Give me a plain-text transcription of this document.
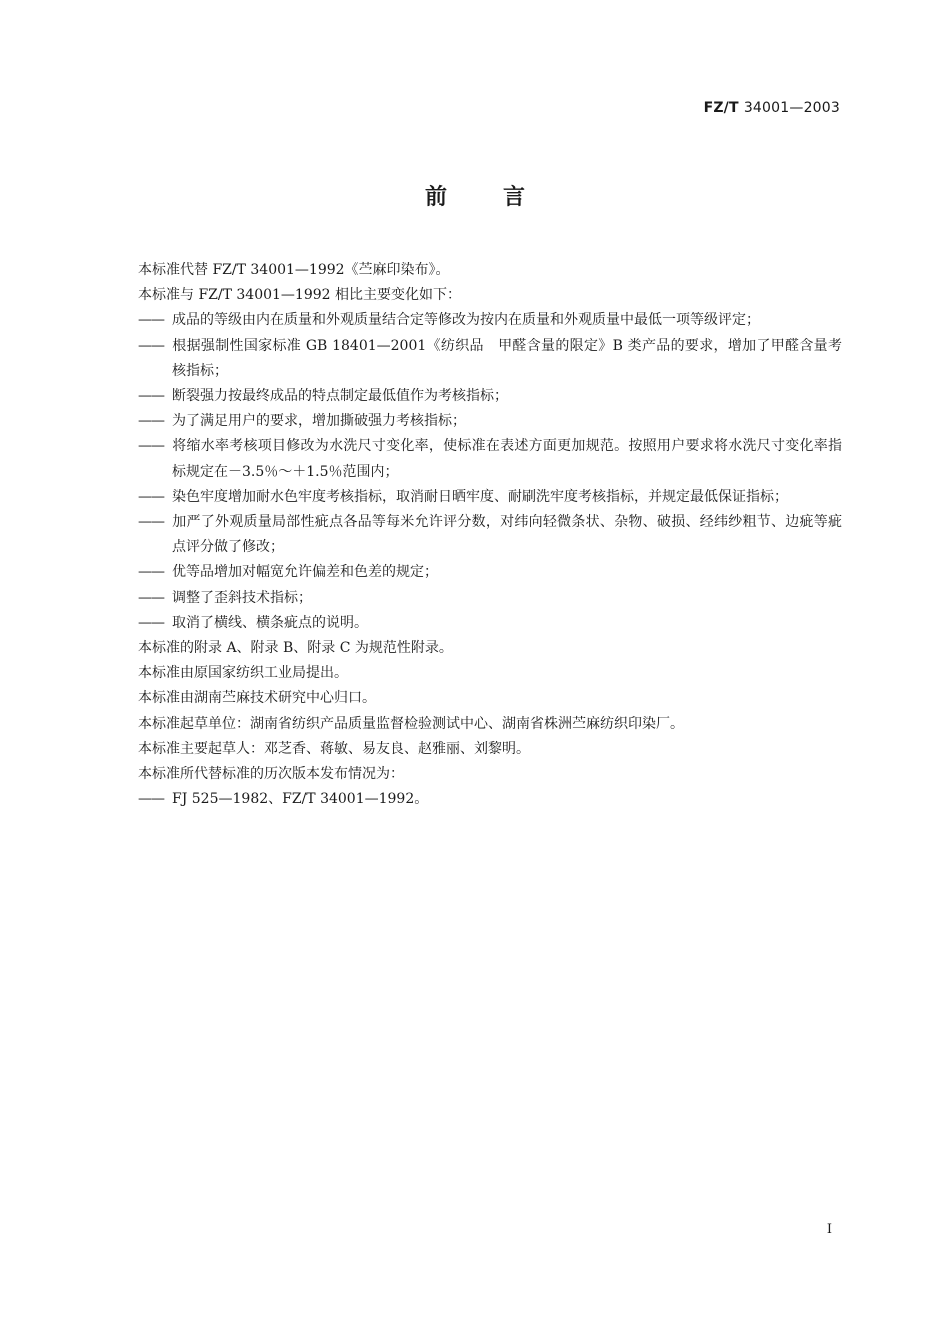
FZ/T 34001—2003
前言

本标准代替 FZ/T 34001—1992《苎麻印染布》。

本标准与 FZ/T 34001—1992 相比主要变化如下：

—— 成品的等级由内在质量和外观质量结合定等修改为按内在质量和外观质量中最低一项等级评定；

—— 根据强制性国家标准 GB 18401—2001《纺织品　甲醛含量的限定》B 类产品的要求，增加了甲醛含量考核指标；

—— 断裂强力按最终成品的特点制定最低值作为考核指标；

—— 为了满足用户的要求，增加撕破强力考核指标；

—— 将缩水率考核项目修改为水洗尺寸变化率，使标准在表述方面更加规范。按照用户要求将水洗尺寸变化率指标规定在－3.5％～＋1.5％范围内；

—— 染色牢度增加耐水色牢度考核指标，取消耐日晒牢度、耐刷洗牢度考核指标，并规定最低保证指标；

—— 加严了外观质量局部性疵点各品等每米允许评分数，对纬向轻微条状、杂物、破损、经纬纱粗节、边疵等疵点评分做了修改；

—— 优等品增加对幅宽允许偏差和色差的规定；

—— 调整了歪斜技术指标；

—— 取消了横线、横条疵点的说明。

本标准的附录 A、附录 B、附录 C 为规范性附录。

本标准由原国家纺织工业局提出。

本标准由湖南苎麻技术研究中心归口。

本标准起草单位：湖南省纺织产品质量监督检验测试中心、湖南省株洲苎麻纺织印染厂。

本标准主要起草人：邓芝香、蒋敏、易友良、赵雅丽、刘黎明。

本标准所代替标准的历次版本发布情况为：

—— FJ 525—1982、FZ/T 34001—1992。

I
